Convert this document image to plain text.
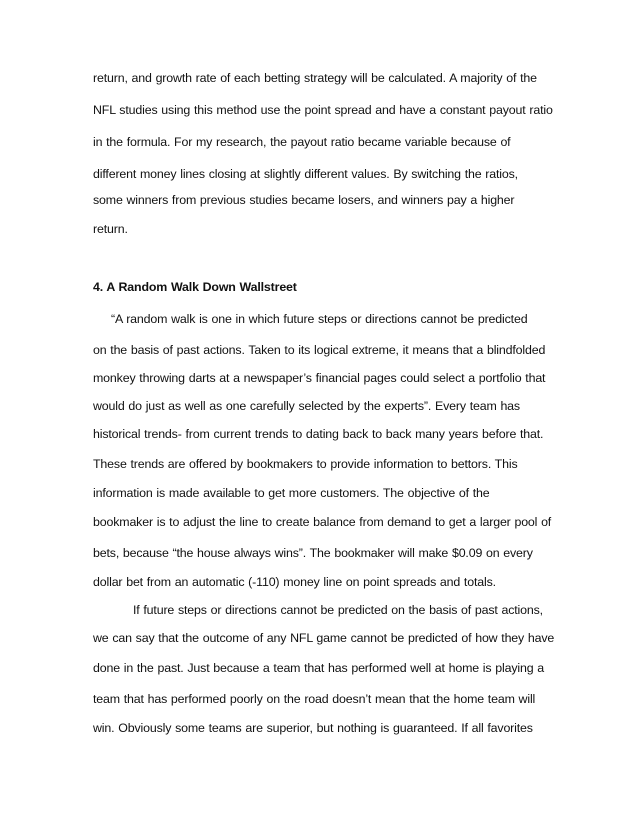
return, and growth rate of each betting strategy will be calculated. A majority of the
NFL studies using this method use the point spread and have a constant payout ratio
in the formula. For my research, the payout ratio became variable because of
different money lines closing at slightly different values. By switching the ratios,
some winners from previous studies became losers, and winners pay a higher
return.
4. A Random Walk Down Wallstreet
“A random walk is one in which future steps or directions cannot be predicted
on the basis of past actions. Taken to its logical extreme, it means that a blindfolded
monkey throwing darts at a newspaper’s financial pages could select a portfolio that
would do just as well as one carefully selected by the experts”. Every team has
historical trends- from current trends to dating back to back many years before that.
These trends are offered by bookmakers to provide information to bettors. This
information is made available to get more customers. The objective of the
bookmaker is to adjust the line to create balance from demand to get a larger pool of
bets, because “the house always wins”. The bookmaker will make $0.09 on every
dollar bet from an automatic (-110) money line on point spreads and totals.
If future steps or directions cannot be predicted on the basis of past actions,
we can say that the outcome of any NFL game cannot be predicted of how they have
done in the past. Just because a team that has performed well at home is playing a
team that has performed poorly on the road doesn’t mean that the home team will
win. Obviously some teams are superior, but nothing is guaranteed. If all favorites
